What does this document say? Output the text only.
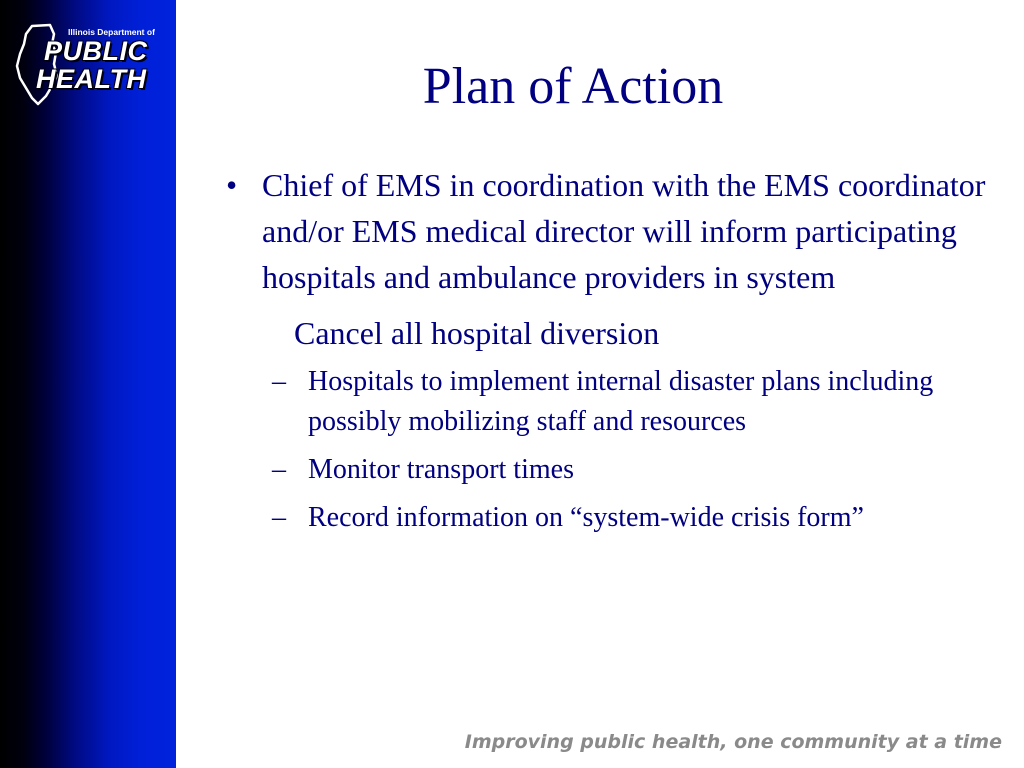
Illinois Department of
PUBLIC
HEALTH	Plan of Action
• Chief of EMS in coordination with the EMS coordinator and/or EMS medical director will inform participating hospitals and ambulance providers in system
Cancel all hospital diversion
– Hospitals to implement internal disaster plans including possibly mobilizing staff and resources
– Monitor transport times
– Record information on “system-wide crisis form”

Improving public health, one community at a time
